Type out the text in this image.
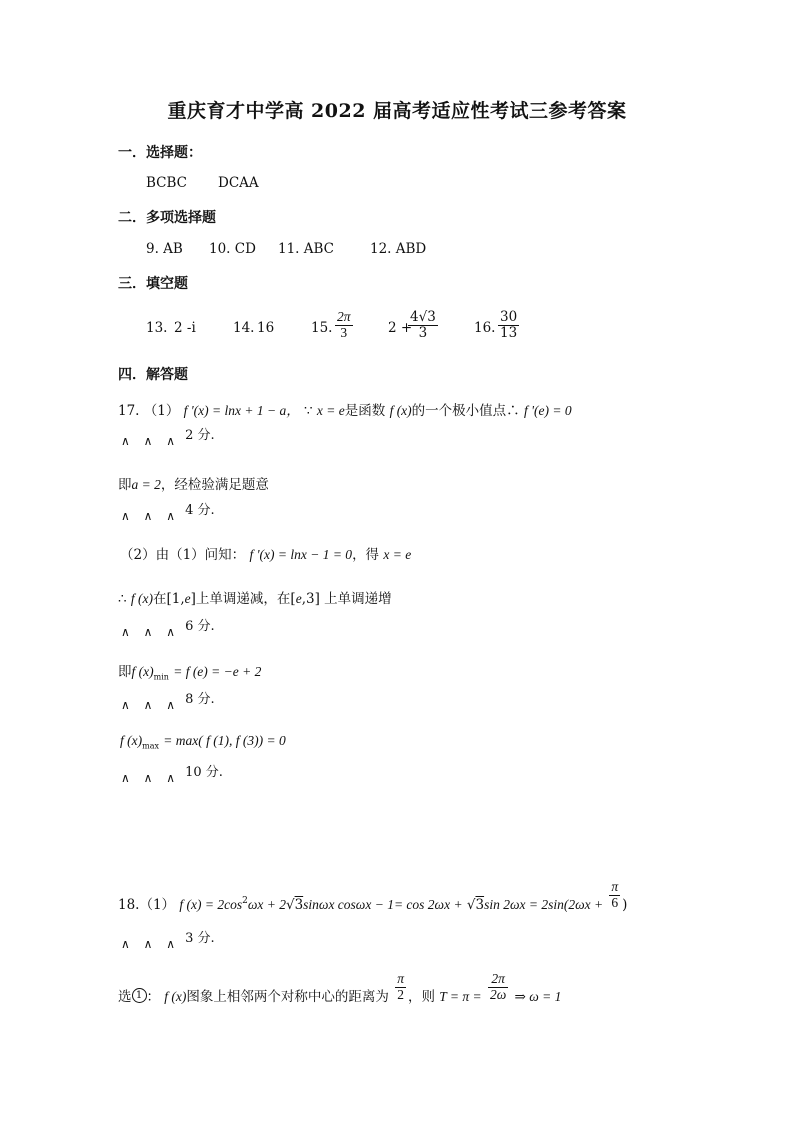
重庆育才中学高 2022 届高考适应性考试三参考答案
一．选择题：
BCBC DCAA
二．多项选择题
9. AB 10. CD 11. ABC	12. ABD
三．填空题
13. 2 -i	14. 16	15. $\frac{2\pi}{3}$	2 +
$\frac{4√3}{3}$	16. $\frac{30}{13}$
四．解答题
17. （1） f '(x) = lnx + 1 − a， ∵ x = e是函数 f (x)的一个极小值点∴ f '(e) = 0
∧ ∧ ∧ $^{2 分.}$
即a = 2，经检验满足题意
∧ ∧ ∧ $^{4 分.}$
（2）由（1）问知： f '(x) = lnx − 1 = 0，得 x = e
∴ f (x)在[1,e]上单调递减，在[e,3] 上单调递增
∧ ∧ ∧ $^{6 分.}$
即f $(x)_{min} = f$ (e) = −e + 2
∧ ∧ ∧ $^{8 分.}$
f $(x)_{max} = \max$( f (1), f (3)) = 0
∧ ∧ ∧ $^{10 分.}$
18.（1） f $(x) = 2\cos^2\omega x + 2√3\sin\omega x$ cosωx − 1= cos 2ωx + √3sin $2\omega x = 2\sin(2\omega x + \frac{\pi}{6}$ )
∧ ∧ ∧ $^{3 分.}$
选 1 ： f (x)图象上相邻两个对称中心的距离为 $\frac{\pi}{2}$ ，则 $T = \pi = \frac{2\pi}{2\omega}$ ⇒ ω = 1
